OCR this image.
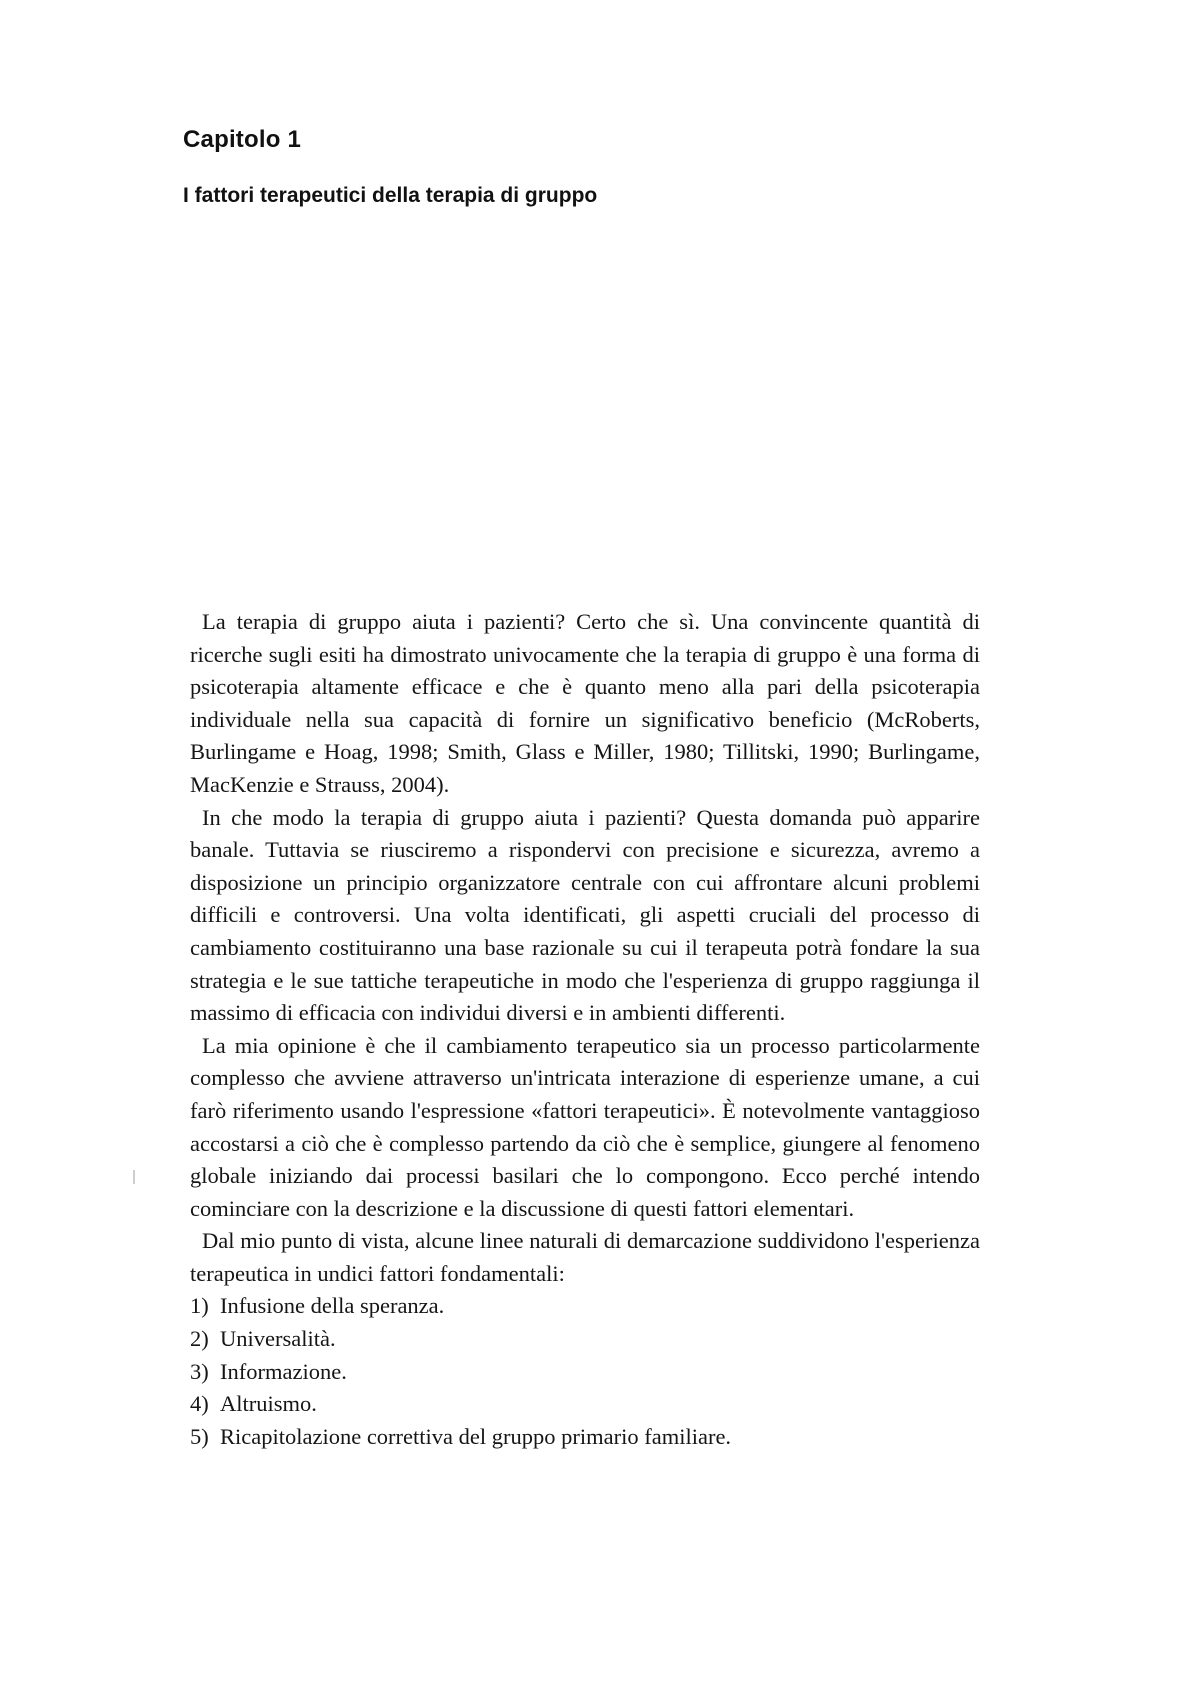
Capitolo 1
I fattori terapeutici della terapia di gruppo

La terapia di gruppo aiuta i pazienti? Certo che sì. Una convincente quantità di ricerche sugli esiti ha dimostrato univocamente che la terapia di gruppo è una forma di psicoterapia altamente efficace e che è quanto meno alla pari della psicoterapia individuale nella sua capacità di fornire un significativo beneficio (McRoberts, Burlingame e Hoag, 1998; Smith, Glass e Miller, 1980; Tillitski, 1990; Burlingame, MacKenzie e Strauss, 2004).

In che modo la terapia di gruppo aiuta i pazienti? Questa domanda può apparire banale. Tuttavia se riusciremo a rispondervi con precisione e sicurezza, avremo a disposizione un principio organizzatore centrale con cui affrontare alcuni problemi difficili e controversi. Una volta identificati, gli aspetti cruciali del processo di cambiamento costituiranno una base razionale su cui il terapeuta potrà fondare la sua strategia e le sue tattiche terapeutiche in modo che l'esperienza di gruppo raggiunga il massimo di efficacia con individui diversi e in ambienti differenti.

La mia opinione è che il cambiamento terapeutico sia un processo particolarmente complesso che avviene attraverso un'intricata interazione di esperienze umane, a cui farò riferimento usando l'espressione «fattori terapeutici». È notevolmente vantaggioso accostarsi a ciò che è complesso partendo da ciò che è semplice, giungere al fenomeno globale iniziando dai processi basilari che lo compongono. Ecco perché intendo cominciare con la descrizione e la discussione di questi fattori elementari.

Dal mio punto di vista, alcune linee naturali di demarcazione suddividono l'esperienza terapeutica in undici fattori fondamentali:

1) Infusione della speranza.
2) Universalità.
3) Informazione.
4) Altruismo.
5) Ricapitolazione correttiva del gruppo primario familiare.
